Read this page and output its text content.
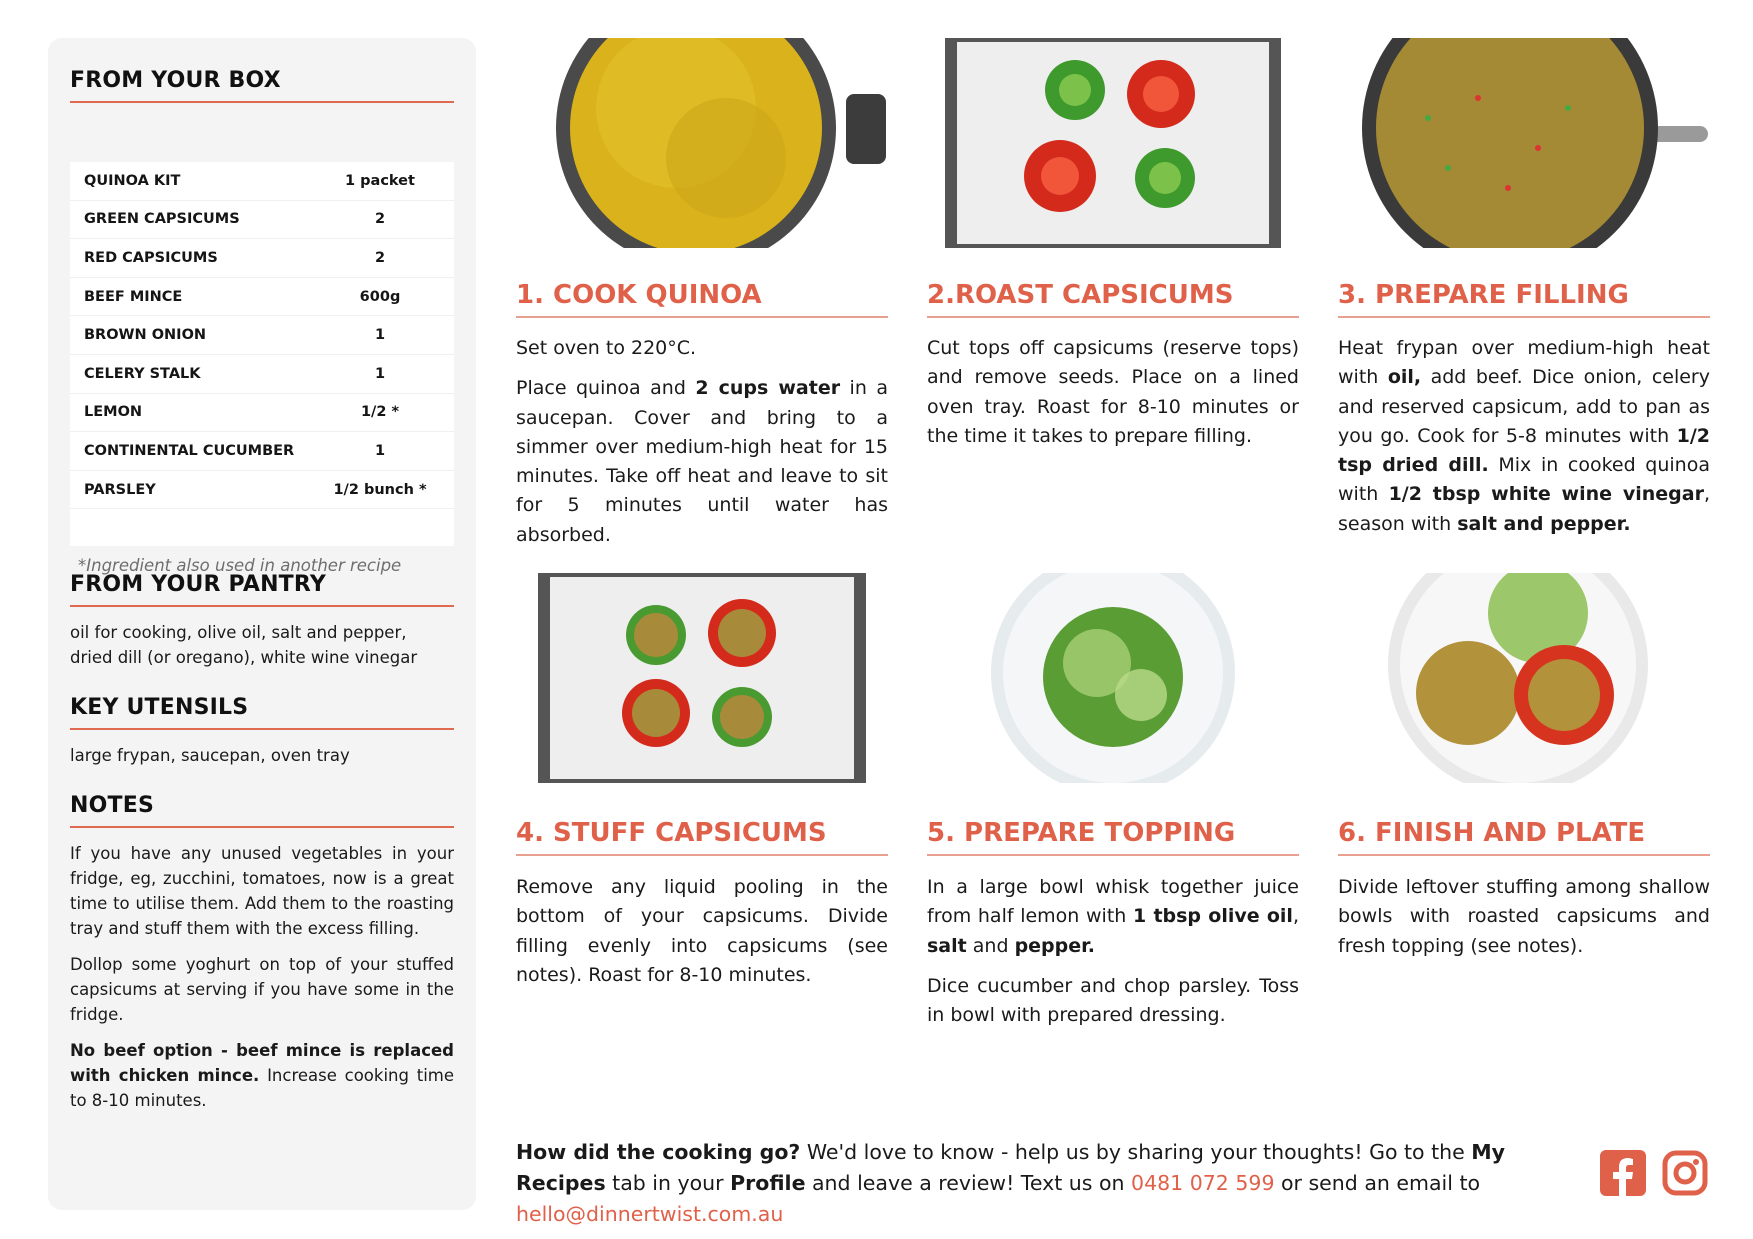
FROM YOUR BOX
QUINOA KIT	1 packet
GREEN CAPSICUMS	2
RED CAPSICUMS	2
BEEF MINCE	600g
BROWN ONION	1
CELERY STALK	1
LEMON	1/2 *
CONTINENTAL CUCUMBER	1
PARSLEY	1/2 bunch *
*Ingredient also used in another recipe
FROM YOUR PANTRY

oil for cooking, olive oil, salt and pepper, dried dill (or oregano), white wine vinegar

KEY UTENSILS

large frypan, saucepan, oven tray

NOTES

If you have any unused vegetables in your fridge, eg, zucchini, tomatoes, now is a great time to utilise them. Add them to the roasting tray and stuff them with the excess filling.

Dollop some yoghurt on top of your stuffed capsicums at serving if you have some in the fridge.

No beef option - beef mince is replaced with chicken mince. Increase cooking time to 8-10 minutes.

1. COOK QUINOA

Set oven to 220°C.

Place quinoa and 2 cups water in a saucepan. Cover and bring to a simmer over medium-high heat for 15 minutes. Take off heat and leave to sit for 5 minutes until water has absorbed.

2.ROAST CAPSICUMS

Cut tops off capsicums (reserve tops) and remove seeds. Place on a lined oven tray. Roast for 8-10 minutes or the time it takes to prepare filling.

3. PREPARE FILLING

Heat frypan over medium-high heat with oil, add beef. Dice onion, celery and reserved capsicum, add to pan as you go. Cook for 5-8 minutes with 1/2 tsp dried dill. Mix in cooked quinoa with 1/2 tbsp white wine vinegar, season with salt and pepper.

4. STUFF CAPSICUMS

Remove any liquid pooling in the bottom of your capsicums. Divide filling evenly into capsicums (see notes). Roast for 8-10 minutes.

5. PREPARE TOPPING

In a large bowl whisk together juice from half lemon with 1 tbsp olive oil, salt and pepper.

Dice cucumber and chop parsley. Toss in bowl with prepared dressing.

6. FINISH AND PLATE

Divide leftover stuffing among shallow bowls with roasted capsicums and fresh topping (see notes).

How did the cooking go? We'd love to know - help us by sharing your thoughts! Go to the My Recipes tab in your Profile and leave a review! Text us on 0481 072 599 or send an email to hello@dinnertwist.com.au
